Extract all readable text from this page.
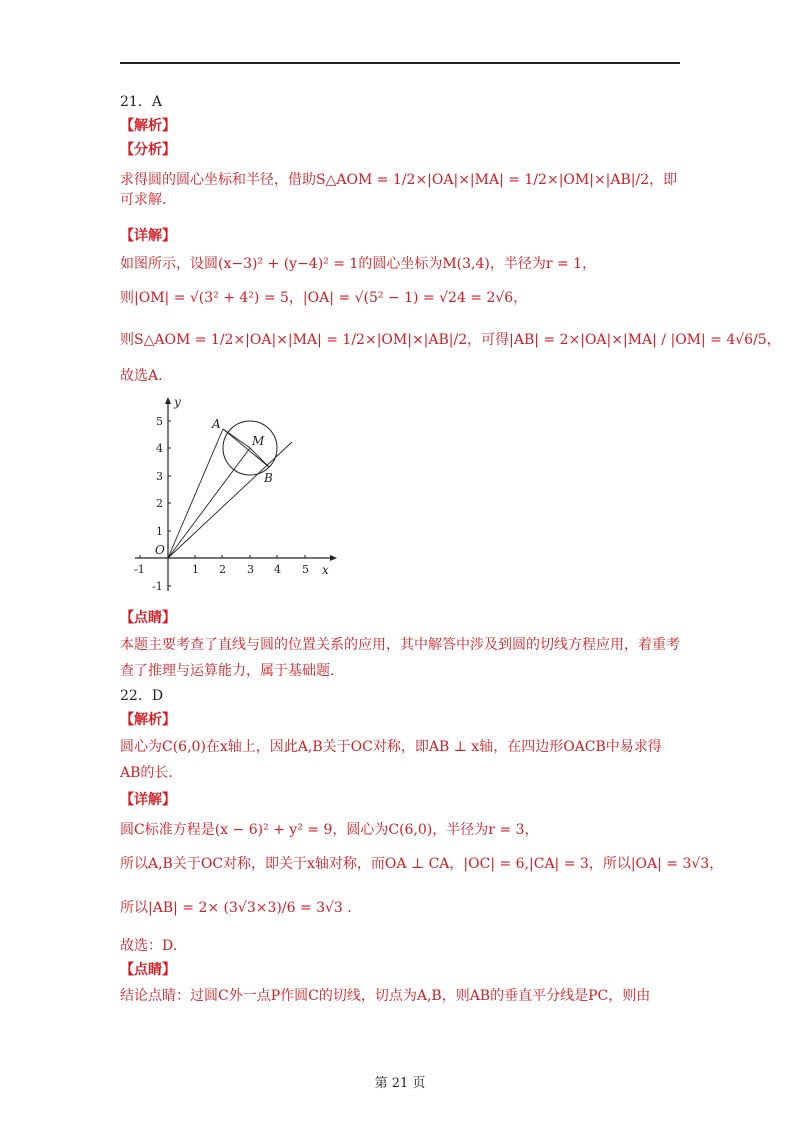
21．A

【解析】

【分析】

求得圆的圆心坐标和半径，借助S△AOM = 1/2×|OA|×|MA| = 1/2×|OM|×|AB|/2，即可求解.

【详解】

如图所示，设圆(x−3)² + (y−4)² = 1的圆心坐标为M(3,4)，半径为r = 1，

则|OM| = √(3² + 4²) = 5，|OA| = √(5² − 1) = √24 = 2√6，

则S△AOM = 1/2×|OA|×|MA| = 1/2×|OM|×|AB|/2，可得|AB| = 2×|OA|×|MA| / |OM| = 4√6/5，

故选A.

y
x
O
-1	1 2 3 4 5
5
4
3
2
1
-1
A
M
B

【点睛】

本题主要考查了直线与圆的位置关系的应用，其中解答中涉及到圆的切线方程应用，着重考查了推理与运算能力，属于基础题.

22．D

【解析】

圆心为C(6,0)在x轴上，因此A,B关于OC对称，即AB ⊥ x轴，在四边形OACB中易求得AB的长.

【详解】

圆C标准方程是(x − 6)² + y² = 9，圆心为C(6,0)，半径为r = 3，

所以A,B关于OC对称，即关于x轴对称，而OA ⊥ CA，|OC| = 6,|CA| = 3，所以|OA| = 3√3，

所以|AB| = 2× (3√3×3)/6 = 3√3 .

故选：D.

【点睛】

结论点睛：过圆C外一点P作圆C的切线，切点为A,B，则AB的垂直平分线是PC，则由

第 21 页
